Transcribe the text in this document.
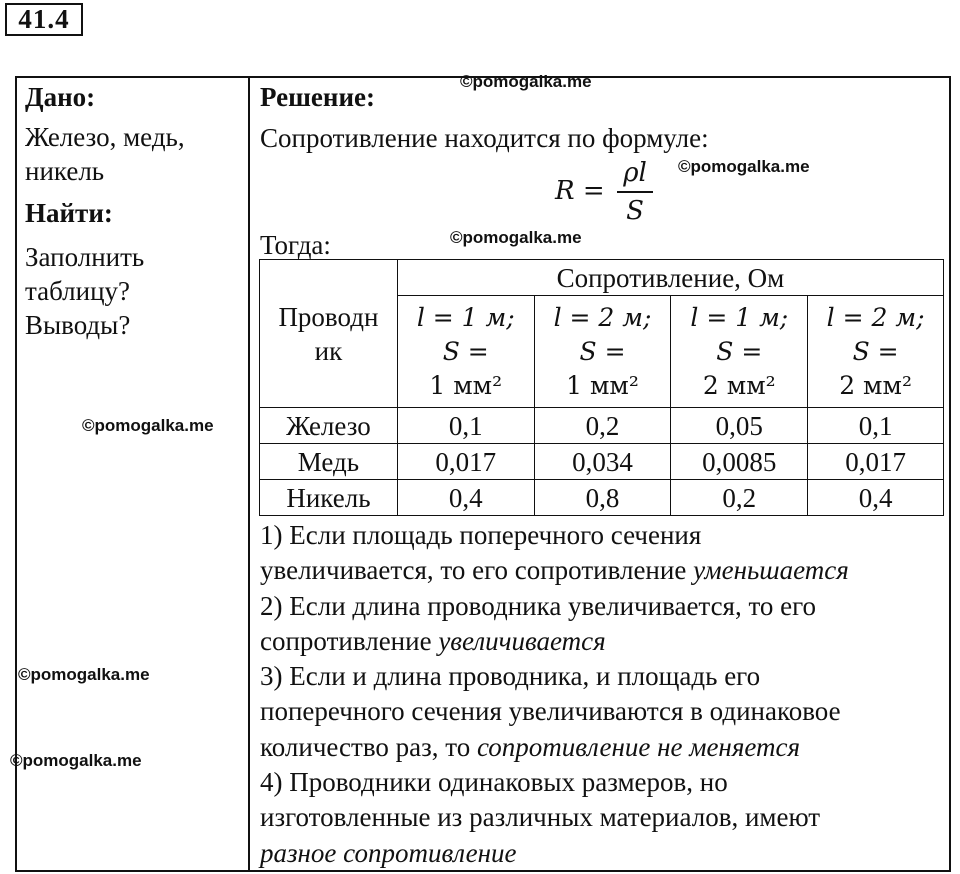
41.4

Дано:

Железо, медь,

никель

Найти:

Заполнить

таблицу?

Выводы?

Решение:
Сопротивление находится по формуле:
R =
ρl
S
Тогда:
Проводн
ик	Сопротивление, Ом			
	l = 1 м;
S =
1 мм²	l = 2 м;
S =
1 мм²	l = 1 м;
S =
2 мм²	l = 2 м;
S =
2 мм²
Железо	0,1	0,2	0,05	0,1
Медь	0,017	0,034	0,0085	0,017
Никель	0,4	0,8	0,2	0,4

1) Если площадь поперечного сечения

увеличивается, то его сопротивление уменьшается

2) Если длина проводника увеличивается, то его

сопротивление увеличивается

3) Если и длина проводника, и площадь его

поперечного сечения увеличиваются в одинаковое

количество раз, то сопротивление не меняется

4) Проводники одинаковых размеров, но

изготовленные из различных материалов, имеют

разное сопротивление

©pomogalka.me
©pomogalka.me
©pomogalka.me
©pomogalka.me
©pomogalka.me
©pomogalka.me
